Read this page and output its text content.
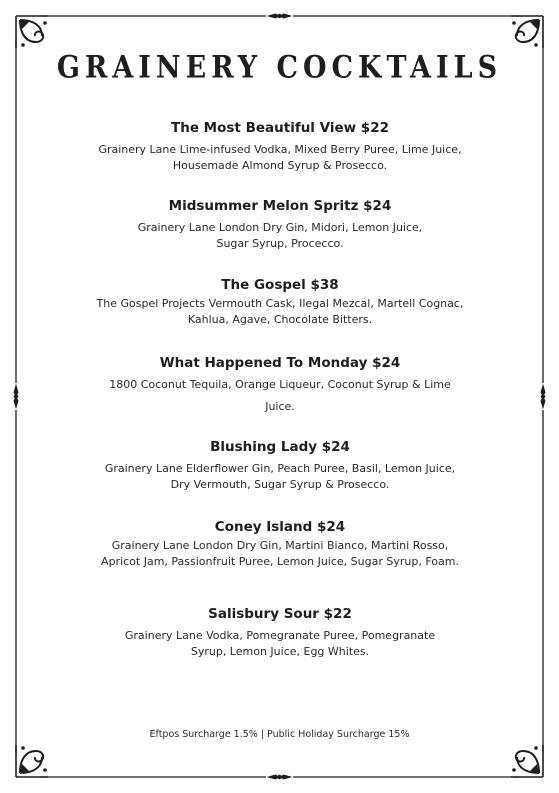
GRAINERY COCKTAILS
The Most Beautiful View $22
Grainery Lane Lime-infused Vodka, Mixed Berry Puree, Lime Juice,
Housemade Almond Syrup & Prosecco.
Midsummer Melon Spritz $24
Grainery Lane London Dry Gin, Midori, Lemon Juice,
Sugar Syrup, Procecco.
The Gospel $38
The Gospel Projects Vermouth Cask, Ilegal Mezcal, Martell Cognac,
Kahlua, Agave, Chocolate Bitters.
What Happened To Monday $24
1800 Coconut Tequila, Orange Liqueur, Coconut Syrup & Lime
Juice.
Blushing Lady $24
Grainery Lane Elderflower Gin, Peach Puree, Basil, Lemon Juice,
Dry Vermouth, Sugar Syrup & Prosecco.
Coney Island $24
Grainery Lane London Dry Gin, Martini Bianco, Martini Rosso,
Apricot Jam, Passionfruit Puree, Lemon Juice, Sugar Syrup, Foam.
Salisbury Sour $22
Grainery Lane Vodka, Pomegranate Puree, Pomegranate
Syrup, Lemon Juice, Egg Whites.
Eftpos Surcharge 1.5% | Public Holiday Surcharge 15%
